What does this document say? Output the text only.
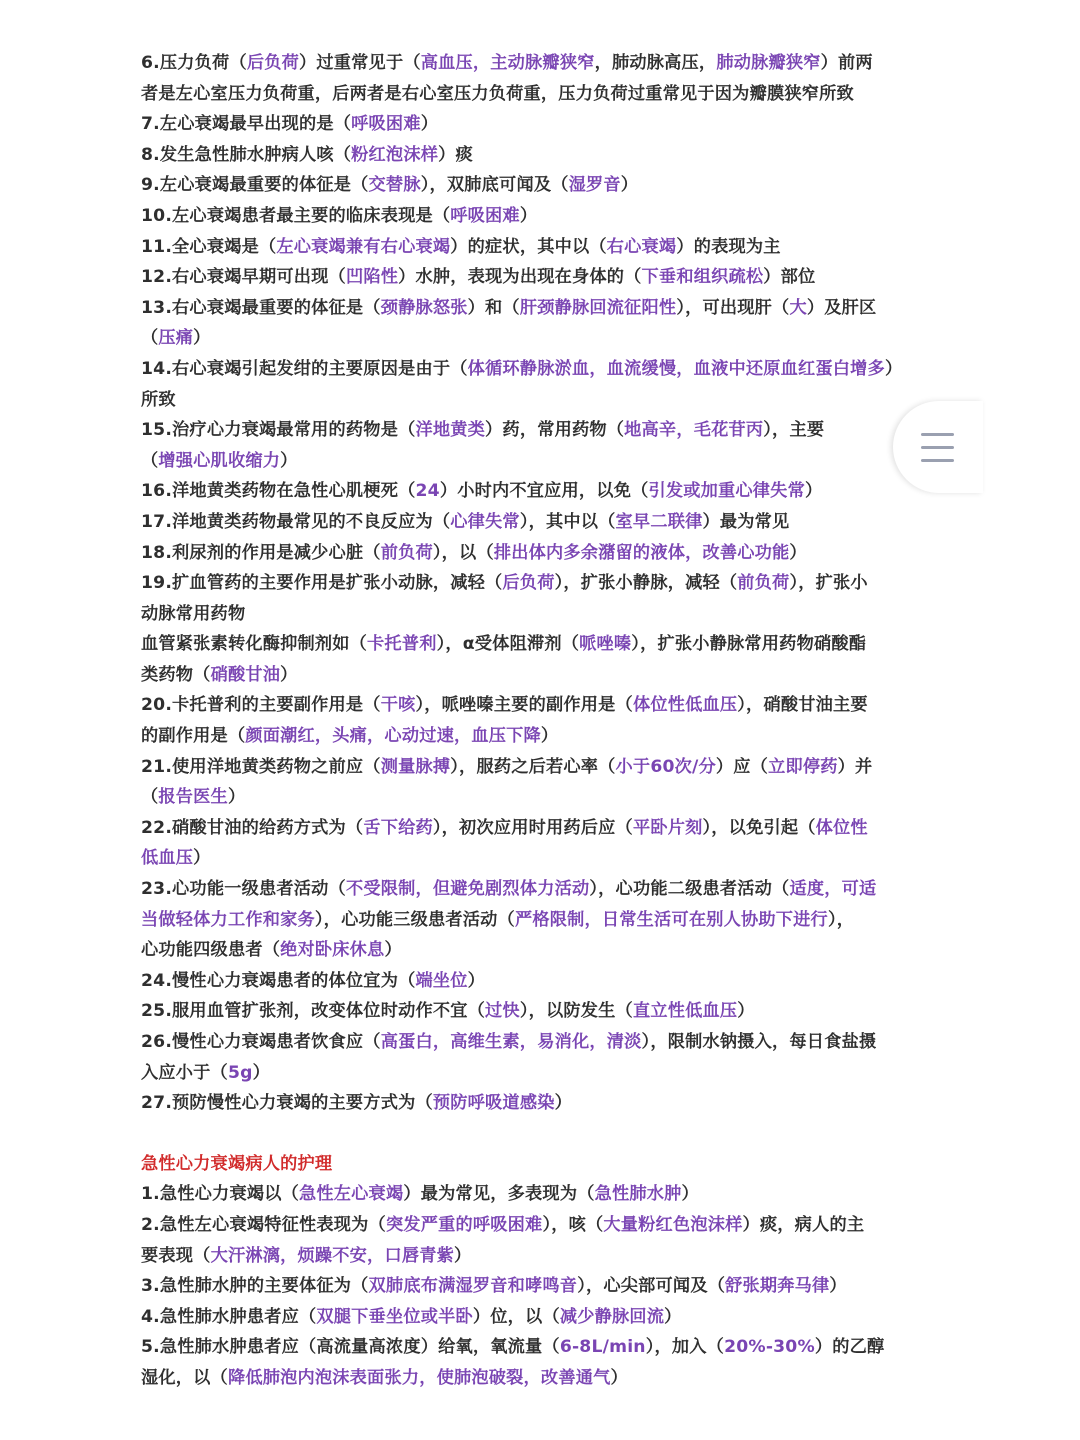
6.压力负荷（后负荷）过重常见于（高血压，主动脉瓣狭窄，肺动脉高压，肺动脉瓣狭窄）前两
者是左心室压力负荷重，后两者是右心室压力负荷重，压力负荷过重常见于因为瓣膜狭窄所致
7.左心衰竭最早出现的是（呼吸困难）
8.发生急性肺水肿病人咳（粉红泡沫样）痰
9.左心衰竭最重要的体征是（交替脉），双肺底可闻及（湿罗音）
10.左心衰竭患者最主要的临床表现是（呼吸困难）
11.全心衰竭是（左心衰竭兼有右心衰竭）的症状，其中以（右心衰竭）的表现为主
12.右心衰竭早期可出现（凹陷性）水肿，表现为出现在身体的（下垂和组织疏松）部位
13.右心衰竭最重要的体征是（颈静脉怒张）和（肝颈静脉回流征阳性），可出现肝（大）及肝区
（压痛）
14.右心衰竭引起发绀的主要原因是由于（体循环静脉淤血，血流缓慢，血液中还原血红蛋白增多）
所致
15.治疗心力衰竭最常用的药物是（洋地黄类）药，常用药物（地高辛，毛花苷丙），主要
（增强心肌收缩力）
16.洋地黄类药物在急性心肌梗死（24）小时内不宜应用，以免（引发或加重心律失常）
17.洋地黄类药物最常见的不良反应为（心律失常），其中以（室早二联律）最为常见
18.利尿剂的作用是减少心脏（前负荷），以（排出体内多余潴留的液体，改善心功能）
19.扩血管药的主要作用是扩张小动脉，减轻（后负荷），扩张小静脉，减轻（前负荷），扩张小
动脉常用药物
血管紧张素转化酶抑制剂如（卡托普利），α受体阻滞剂（哌唑嗪），扩张小静脉常用药物硝酸酯
类药物（硝酸甘油）
20.卡托普利的主要副作用是（干咳），哌唑嗪主要的副作用是（体位性低血压），硝酸甘油主要
的副作用是（颜面潮红，头痛，心动过速，血压下降）
21.使用洋地黄类药物之前应（测量脉搏），服药之后若心率（小于60次/分）应（立即停药）并
（报告医生）
22.硝酸甘油的给药方式为（舌下给药），初次应用时用药后应（平卧片刻），以免引起（体位性
低血压）
23.心功能一级患者活动（不受限制，但避免剧烈体力活动），心功能二级患者活动（适度，可适
当做轻体力工作和家务），心功能三级患者活动（严格限制，日常生活可在别人协助下进行），
心功能四级患者（绝对卧床休息）
24.慢性心力衰竭患者的体位宜为（端坐位）
25.服用血管扩张剂，改变体位时动作不宜（过快），以防发生（直立性低血压）
26.慢性心力衰竭患者饮食应（高蛋白，高维生素，易消化，清淡），限制水钠摄入，每日食盐摄
入应小于（5g）
27.预防慢性心力衰竭的主要方式为（预防呼吸道感染）
急性心力衰竭病人的护理
1.急性心力衰竭以（急性左心衰竭）最为常见，多表现为（急性肺水肿）
2.急性左心衰竭特征性表现为（突发严重的呼吸困难），咳（大量粉红色泡沫样）痰，病人的主
要表现（大汗淋漓，烦躁不安，口唇青紫）
3.急性肺水肿的主要体征为（双肺底布满湿罗音和哮鸣音），心尖部可闻及（舒张期奔马律）
4.急性肺水肿患者应（双腿下垂坐位或半卧）位，以（减少静脉回流）
5.急性肺水肿患者应（高流量高浓度）给氧，氧流量（6-8L/min），加入（20%-30%）的乙醇
湿化，以（降低肺泡内泡沫表面张力，使肺泡破裂，改善通气）
